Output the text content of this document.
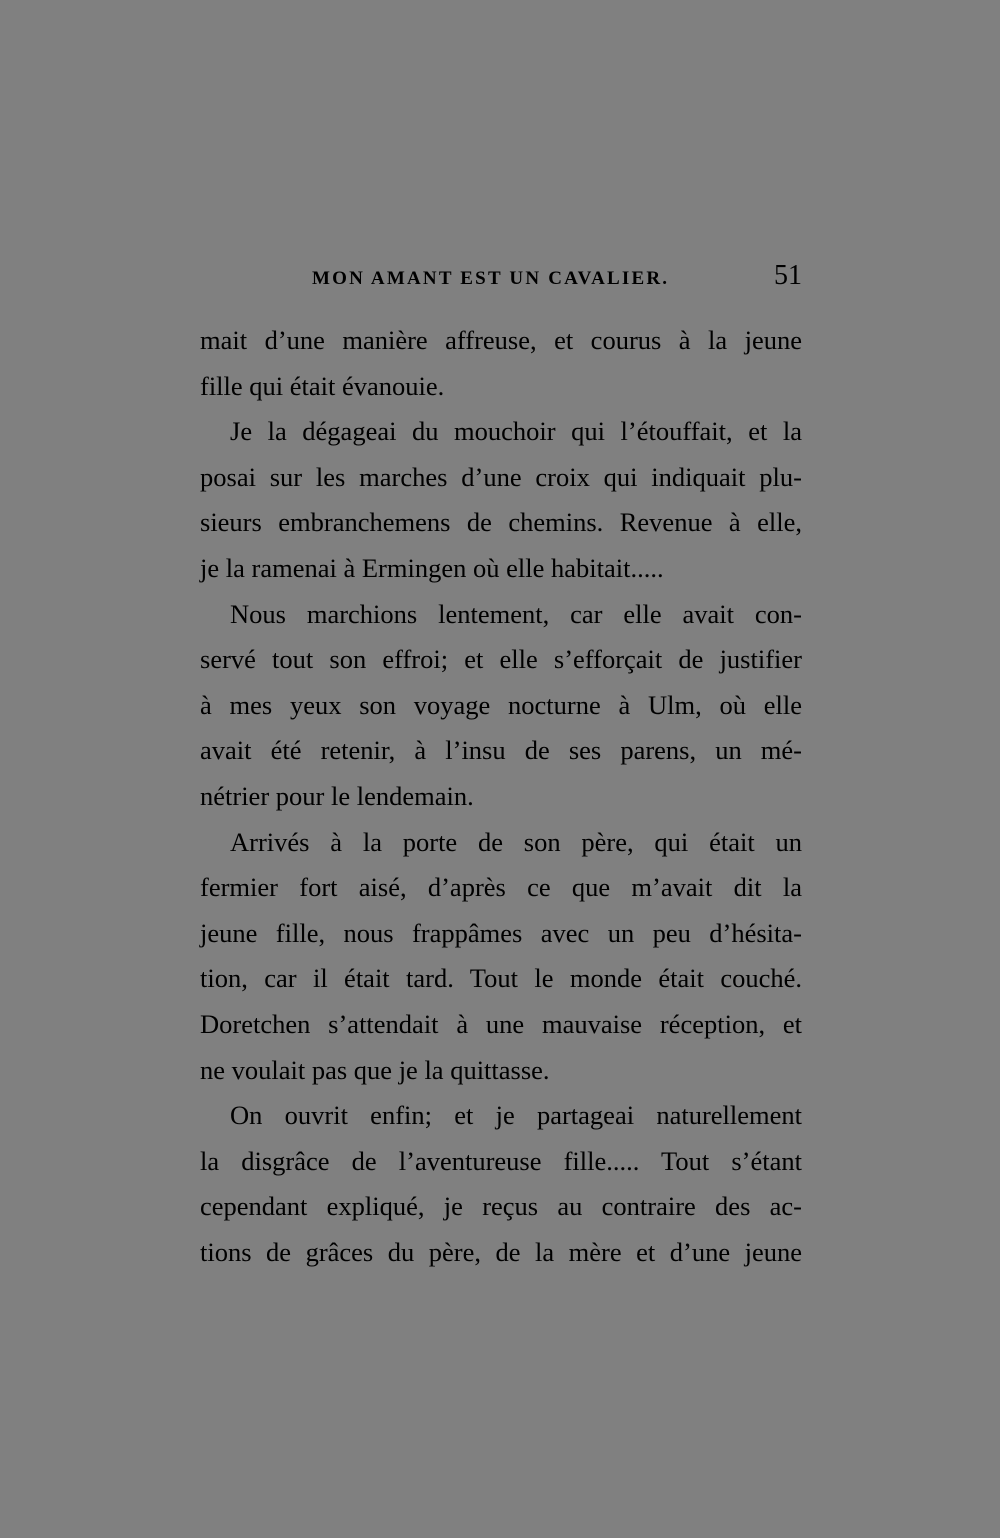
MON AMANT EST UN CAVALIER.	51
mait d’une manière affreuse, et courus à la jeune
fille qui était évanouie.
Je la dégageai du mouchoir qui l’étouffait, et la
posai sur les marches d’une croix qui indiquait plu-
sieurs embranchemens de chemins. Revenue à elle,
je la ramenai à Ermingen où elle habitait.....
Nous marchions lentement, car elle avait con-
servé tout son effroi; et elle s’efforçait de justifier
à mes yeux son voyage nocturne à Ulm, où elle
avait été retenir, à l’insu de ses parens, un mé-
nétrier pour le lendemain.
Arrivés à la porte de son père, qui était un
fermier fort aisé, d’après ce que m’avait dit la
jeune fille, nous frappâmes avec un peu d’hésita-
tion, car il était tard. Tout le monde était couché.
Doretchen s’attendait à une mauvaise réception, et
ne voulait pas que je la quittasse.
On ouvrit enfin; et je partageai naturellement
la disgrâce de l’aventureuse fille..... Tout s’étant
cependant expliqué, je reçus au contraire des ac-
tions de grâces du père, de la mère et d’une jeune
